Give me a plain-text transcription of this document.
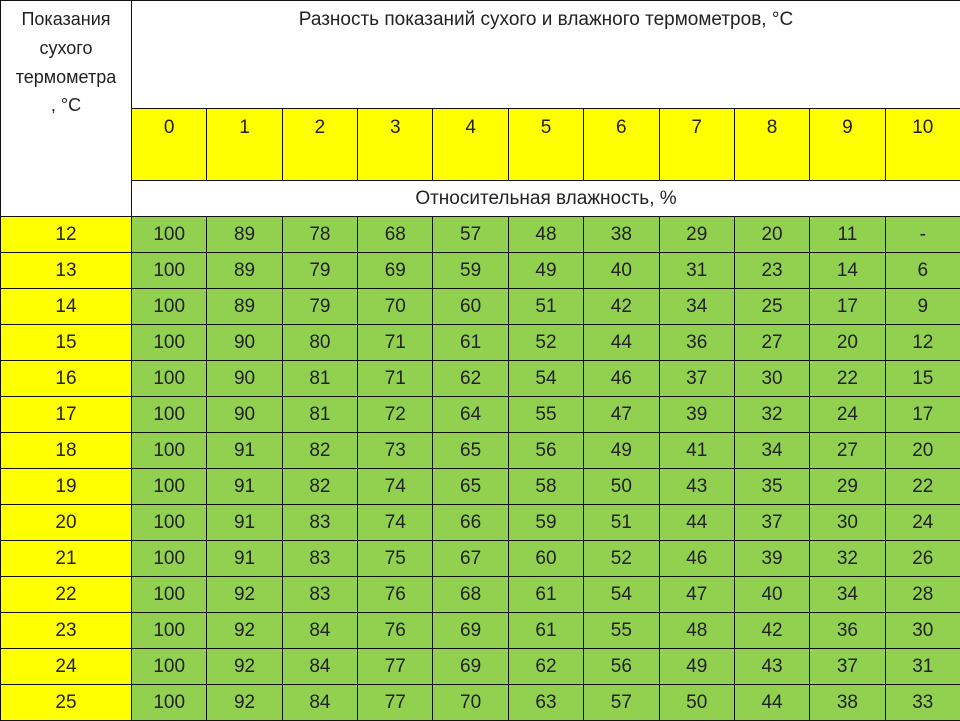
Показания
сухого
термометра
, °С	Разность показаний сухого и влажного термометров, °С										
	0	1	2	3	4	5	6	7	8	9	10
	Относительная влажность, %										
12	100	89	78	68	57	48	38	29	20	11	-
13	100	89	79	69	59	49	40	31	23	14	6
14	100	89	79	70	60	51	42	34	25	17	9
15	100	90	80	71	61	52	44	36	27	20	12
16	100	90	81	71	62	54	46	37	30	22	15
17	100	90	81	72	64	55	47	39	32	24	17
18	100	91	82	73	65	56	49	41	34	27	20
19	100	91	82	74	65	58	50	43	35	29	22
20	100	91	83	74	66	59	51	44	37	30	24
21	100	91	83	75	67	60	52	46	39	32	26
22	100	92	83	76	68	61	54	47	40	34	28
23	100	92	84	76	69	61	55	48	42	36	30
24	100	92	84	77	69	62	56	49	43	37	31
25	100	92	84	77	70	63	57	50	44	38	33
